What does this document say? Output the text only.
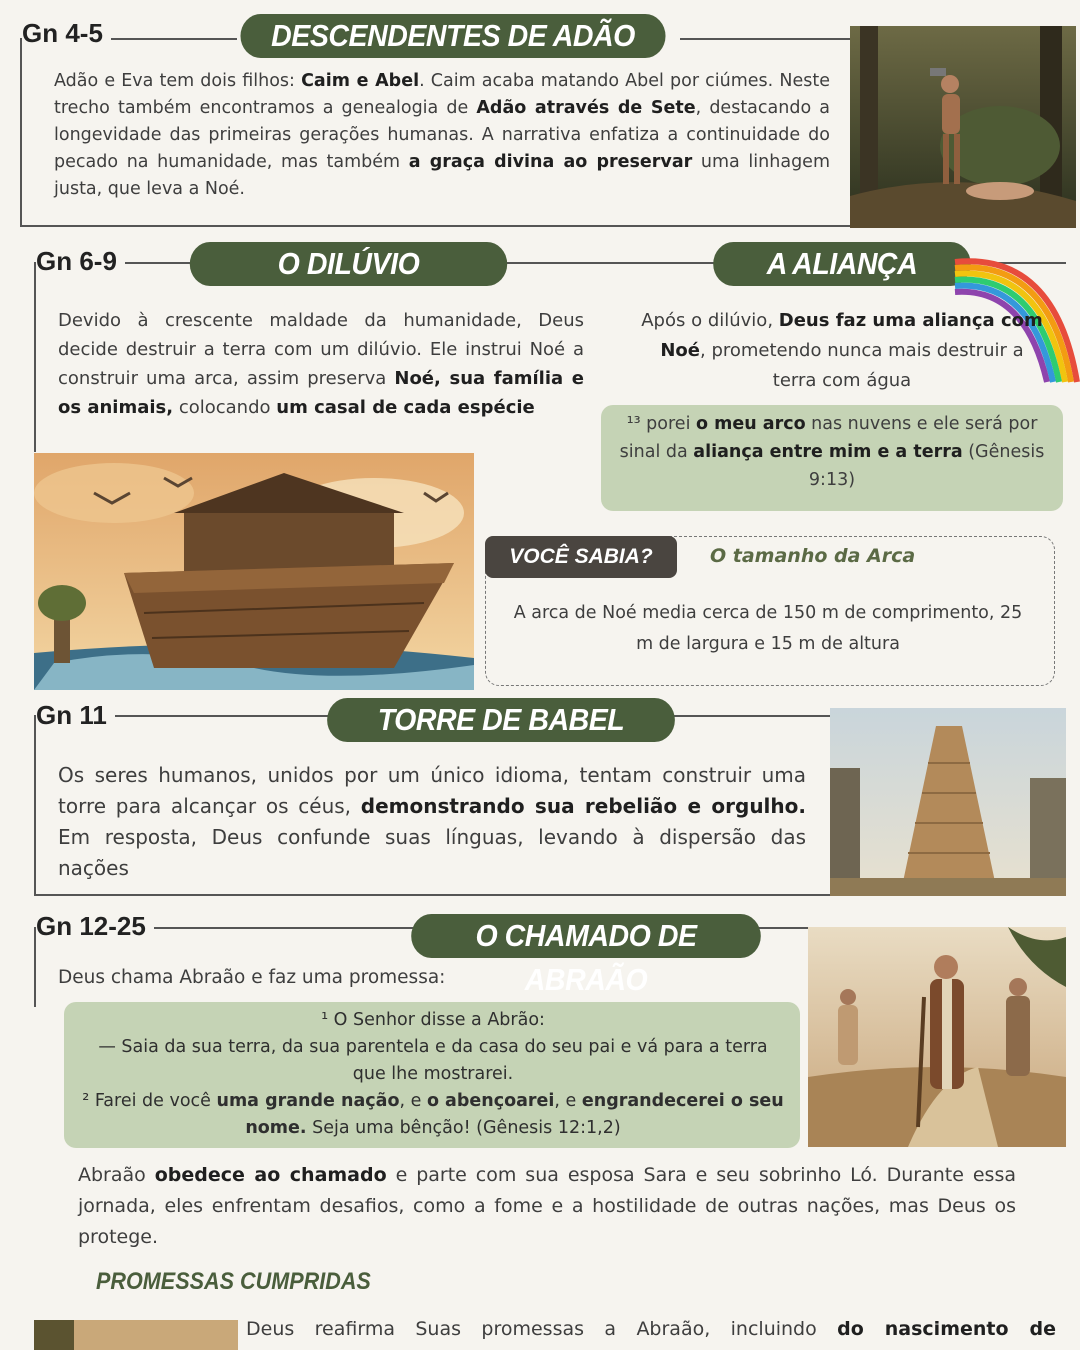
Gn 4-5	DESCENDENTES DE ADÃO
Adão e Eva tem dois filhos: Caim e Abel. Caim acaba matando Abel por ciúmes. Neste trecho também encontramos a genealogia de Adão através de Sete, destacando a longevidade das primeiras gerações humanas. A narrativa enfatiza a continuidade do pecado na humanidade, mas também a graça divina ao preservar uma linhagem justa, que leva a Noé.
Gn 6-9	O DILÚVIO	A ALIANÇA
Devido à crescente maldade da humanidade, Deus decide destruir a terra com um dilúvio. Ele instrui Noé a construir uma arca, assim preserva Noé, sua família e os animais, colocando um casal de cada espécie
Após o dilúvio, Deus faz uma aliança com Noé, prometendo nunca mais destruir a terra com água
¹³ porei o meu arco nas nuvens e ele será por sinal da aliança entre mim e a terra (Gênesis 9:13)
VOCÊ SABIA?	O tamanho da Arca
A arca de Noé media cerca de 150 m de comprimento, 25 m de largura e 15 m de altura
Gn 11	TORRE DE BABEL
Os seres humanos, unidos por um único idioma, tentam construir uma torre para alcançar os céus, demonstrando sua rebelião e orgulho. Em resposta, Deus confunde suas línguas, levando à dispersão das nações
Gn 12-25	O CHAMADO DE ABRAÃO
Deus chama Abraão e faz uma promessa:
¹ O Senhor disse a Abrão:
— Saia da sua terra, da sua parentela e da casa do seu pai e vá para a terra que lhe mostrarei.
² Farei de você uma grande nação, e o abençoarei, e engrandecerei o seu nome. Seja uma bênção! (Gênesis 12:1,2)
Abraão obedece ao chamado e parte com sua esposa Sara e seu sobrinho Ló. Durante essa jornada, eles enfrentam desafios, como a fome e a hostilidade de outras nações, mas Deus os protege.
PROMESSAS CUMPRIDAS
Deus reafirma Suas promessas a Abraão, incluindo do nascimento de
